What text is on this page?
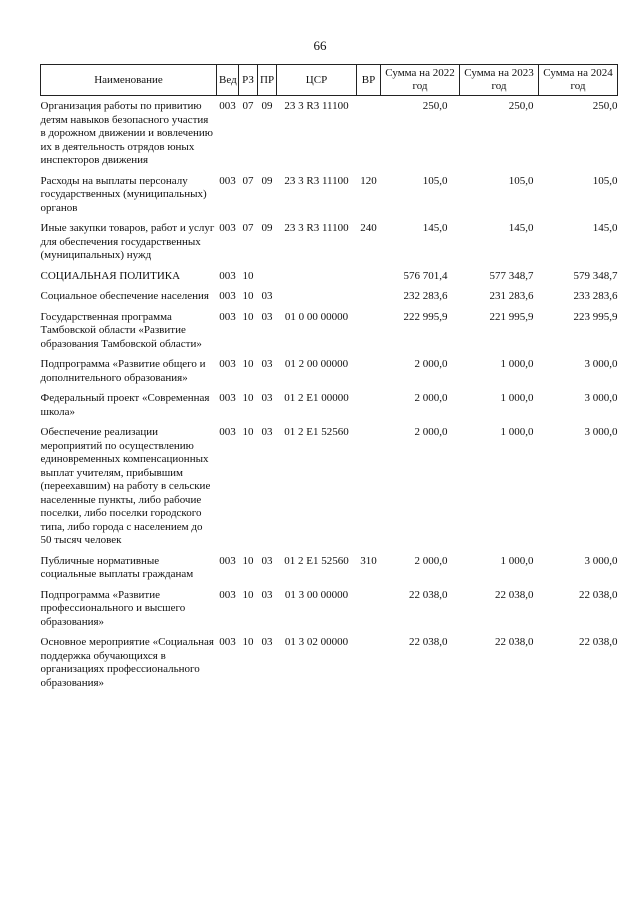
66
Наименование	Вед	РЗ	ПР	ЦСР	ВР	Сумма на 2022 год	Сумма на 2023 год	Сумма на 2024 год
Организация работы по привитию детям навыков безопасного участия в дорожном движении и вовлечению их в деятельность отрядов юных инспекторов движения	003	07	09	23 3 R3 11100		250,0	250,0	250,0
Расходы на выплаты персоналу государственных (муниципальных) органов	003	07	09	23 3 R3 11100	120	105,0	105,0	105,0
Иные закупки товаров, работ и услуг для обеспечения государственных (муниципальных) нужд	003	07	09	23 3 R3 11100	240	145,0	145,0	145,0
СОЦИАЛЬНАЯ ПОЛИТИКА	003	10				576 701,4	577 348,7	579 348,7
Социальное обеспечение населения	003	10	03			232 283,6	231 283,6	233 283,6
Государственная программа Тамбовской области «Развитие образования Тамбовской области»	003	10	03	01 0 00 00000		222 995,9	221 995,9	223 995,9
Подпрограмма «Развитие общего и дополнительного образования»	003	10	03	01 2 00 00000		2 000,0	1 000,0	3 000,0
Федеральный проект «Современная школа»	003	10	03	01 2 E1 00000		2 000,0	1 000,0	3 000,0
Обеспечение реализации мероприятий по осуществлению единовременных компенсационных выплат учителям, прибывшим (переехавшим) на работу в сельские населенные пункты, либо рабочие поселки, либо поселки городского типа, либо города с населением до 50 тысяч человек	003	10	03	01 2 E1 52560		2 000,0	1 000,0	3 000,0
Публичные нормативные социальные выплаты гражданам	003	10	03	01 2 E1 52560	310	2 000,0	1 000,0	3 000,0
Подпрограмма «Развитие профессионального и высшего образования»	003	10	03	01 3 00 00000		22 038,0	22 038,0	22 038,0
Основное мероприятие «Социальная поддержка обучающихся в организациях профессионального образования»	003	10	03	01 3 02 00000		22 038,0	22 038,0	22 038,0
